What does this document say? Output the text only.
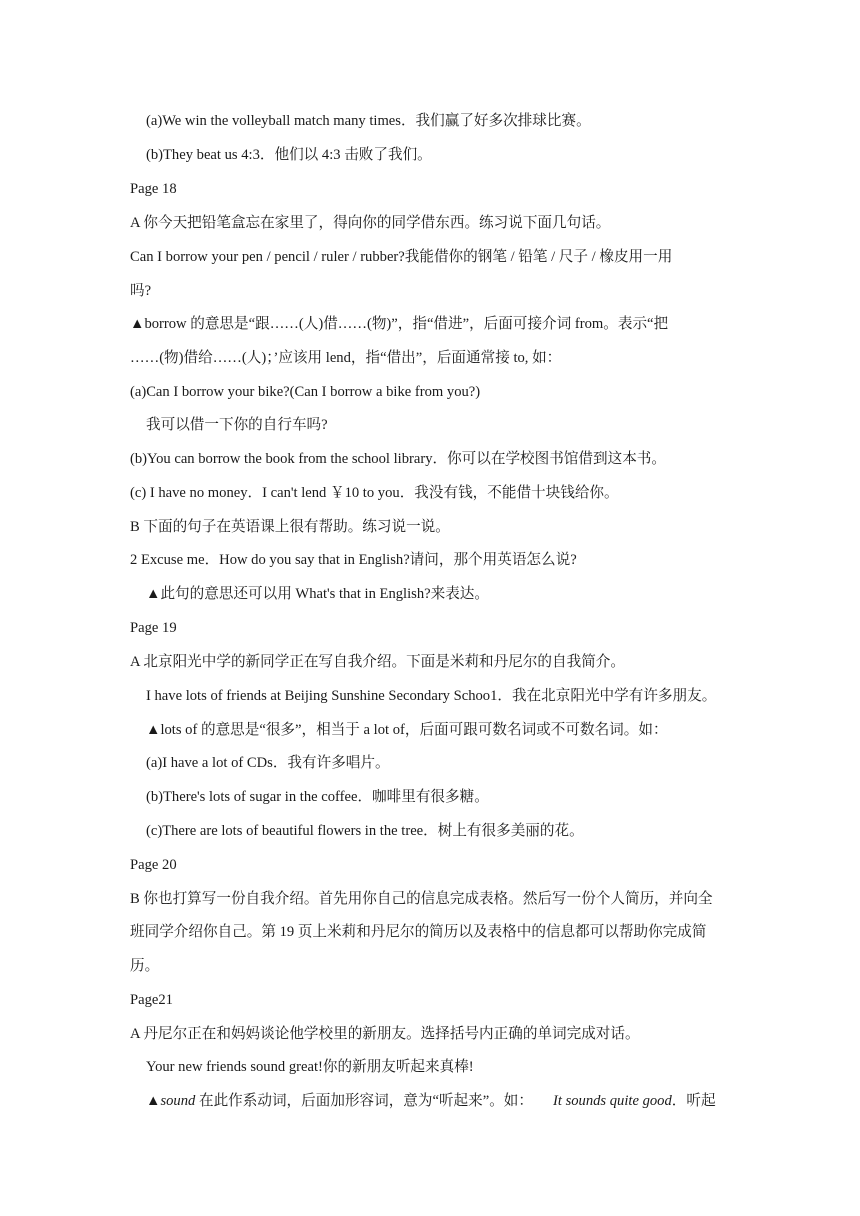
(a)We win the volleyball match many times．我们赢了好多次排球比赛。
(b)They beat us 4:3．他们以 4:3 击败了我们。
Page 18
A 你今天把铅笔盒忘在家里了，得向你的同学借东西。练习说下面几句话。
Can I borrow your pen / pencil / ruler / rubber?我能借你的钢笔 / 铅笔 / 尺子 / 橡皮用一用
吗?
▲borrow 的意思是“跟……(人)借……(物)”，指“借进”，后面可接介词 from。表示“把
……(物)借给……(人)；’应该用 lend，指“借出”，后面通常接 to, 如：
(a)Can I borrow your bike?(Can I borrow a bike from you?)
我可以借一下你的自行车吗?
(b)You can borrow the book from the school library．你可以在学校图书馆借到这本书。
(c) I have no money．I can't lend ￥10 to you．我没有钱，不能借十块钱给你。
B 下面的句子在英语课上很有帮助。练习说一说。
2 Excuse me．How do you say that in English?请问，那个用英语怎么说?
▲此句的意思还可以用 What's that in English?来表达。
Page 19
A 北京阳光中学的新同学正在写自我介绍。下面是米莉和丹尼尔的自我简介。
I have lots of friends at Beijing Sunshine Secondary Schoo1．我在北京阳光中学有许多朋友。
▲lots of 的意思是“很多”，相当于 a lot of，后面可跟可数名词或不可数名词。如：
(a)I have a lot of CDs．我有许多唱片。
(b)There's lots of sugar in the coffee．咖啡里有很多糖。
(c)There are lots of beautiful flowers in the tree．树上有很多美丽的花。
Page 20
B 你也打算写一份自我介绍。首先用你自己的信息完成表格。然后写一份个人简历，并向全
班同学介绍你自己。第 19 页上米莉和丹尼尔的简历以及表格中的信息都可以帮助你完成简
历。
Page21
A 丹尼尔正在和妈妈谈论他学校里的新朋友。选择括号内正确的单词完成对话。
Your new friends sound great!你的新朋友听起来真棒!
▲sound 在此作系动词，后面加形容词，意为“听起来”。如： It sounds quite good．听起
